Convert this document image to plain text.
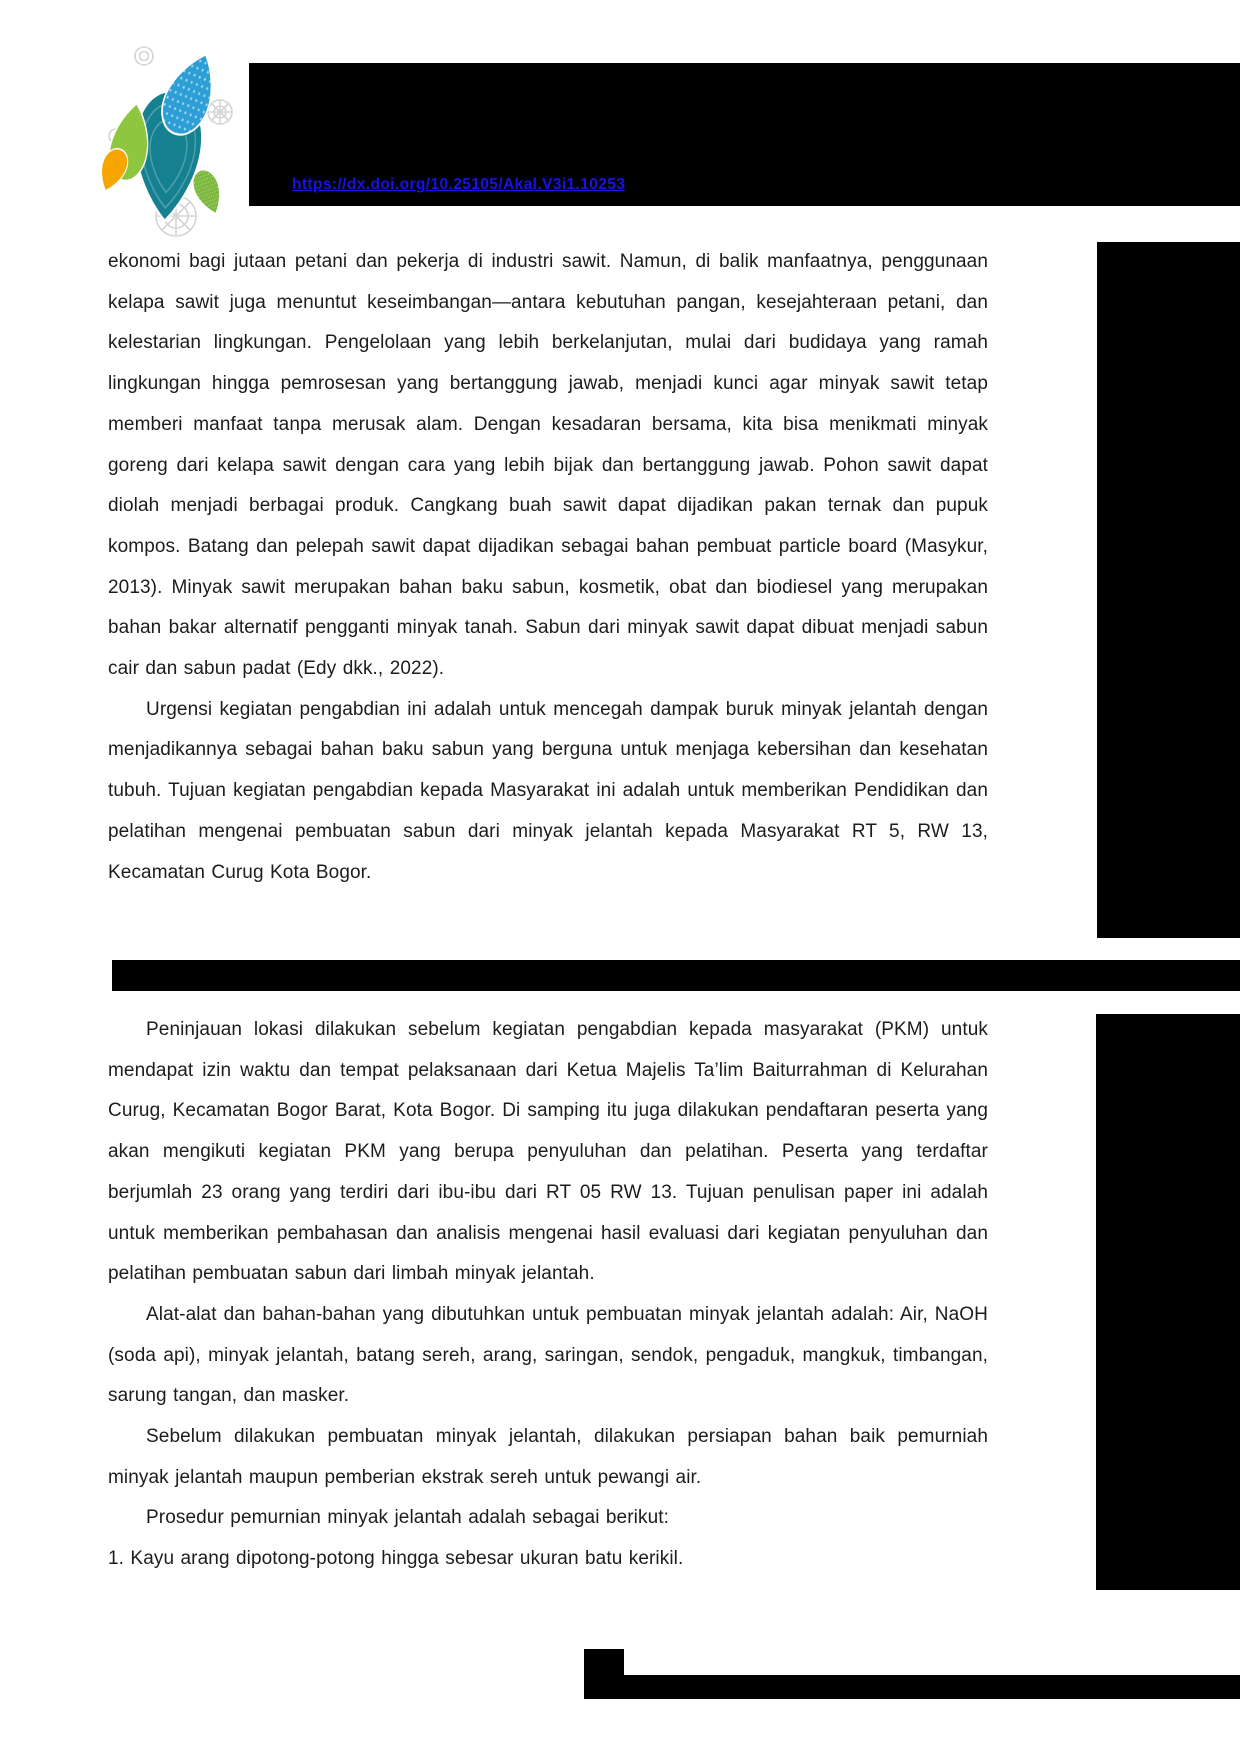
https://dx.doi.org/10.25105/Akal.V3i1.10253

ekonomi bagi jutaan petani dan pekerja di industri sawit. Namun, di balik manfaatnya, penggunaan kelapa sawit juga menuntut keseimbangan—antara kebutuhan pangan, kesejahteraan petani, dan kelestarian lingkungan. Pengelolaan yang lebih berkelanjutan, mulai dari budidaya yang ramah lingkungan hingga pemrosesan yang bertanggung jawab, menjadi kunci agar minyak sawit tetap memberi manfaat tanpa merusak alam. Dengan kesadaran bersama, kita bisa menikmati minyak goreng dari kelapa sawit dengan cara yang lebih bijak dan bertanggung jawab. Pohon sawit dapat diolah menjadi berbagai produk. Cangkang buah sawit dapat dijadikan pakan ternak dan pupuk kompos. Batang dan pelepah sawit dapat dijadikan sebagai bahan pembuat particle board (Masykur, 2013). Minyak sawit merupakan bahan baku sabun, kosmetik, obat dan biodiesel yang merupakan bahan bakar alternatif pengganti minyak tanah. Sabun dari minyak sawit dapat dibuat menjadi sabun cair dan sabun padat (Edy dkk., 2022).

Urgensi kegiatan pengabdian ini adalah untuk mencegah dampak buruk minyak jelantah dengan menjadikannya sebagai bahan baku sabun yang berguna untuk menjaga kebersihan dan kesehatan tubuh. Tujuan kegiatan pengabdian kepada Masyarakat ini adalah untuk memberikan Pendidikan dan pelatihan mengenai pembuatan sabun dari minyak jelantah kepada Masyarakat RT 5, RW 13, Kecamatan Curug Kota Bogor.

Peninjauan lokasi dilakukan sebelum kegiatan pengabdian kepada masyarakat (PKM) untuk mendapat izin waktu dan tempat pelaksanaan dari Ketua Majelis Ta’lim Baiturrahman di Kelurahan Curug, Kecamatan Bogor Barat, Kota Bogor. Di samping itu juga dilakukan pendaftaran peserta yang akan mengikuti kegiatan PKM yang berupa penyuluhan dan pelatihan. Peserta yang terdaftar berjumlah 23 orang yang terdiri dari ibu-ibu dari RT 05 RW 13. Tujuan penulisan paper ini adalah untuk memberikan pembahasan dan analisis mengenai hasil evaluasi dari kegiatan penyuluhan dan pelatihan pembuatan sabun dari limbah minyak jelantah.

Alat-alat dan bahan-bahan yang dibutuhkan untuk pembuatan minyak jelantah adalah: Air, NaOH (soda api), minyak jelantah, batang sereh, arang, saringan, sendok, pengaduk, mangkuk, timbangan, sarung tangan, dan masker.

Sebelum dilakukan pembuatan minyak jelantah, dilakukan persiapan bahan baik pemurniah minyak jelantah maupun pemberian ekstrak sereh untuk pewangi air.

Prosedur pemurnian minyak jelantah adalah sebagai berikut:

1. Kayu arang dipotong-potong hingga sebesar ukuran batu kerikil.
